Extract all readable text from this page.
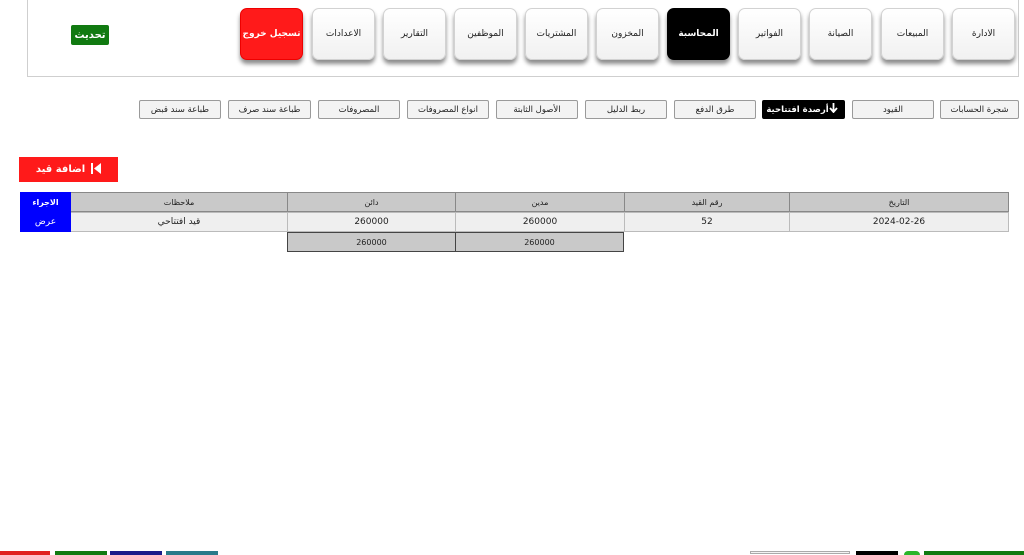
تحديث	الادارة
المبيعات
الصيانة
الفواتير
المحاسبة
المخزون
المشتريات
الموظفين
التقارير
الاعدادات
تسجيل خروج
شجرة الحسابات
القيود
أرصدة افتتاحية
طرق الدفع
ربط الدليل
الأصول الثابتة
انواع المصروفات
المصروفات
طباعة سند صرف
طباعة سند قبض
اضافة قيد
التاريخ
رقم القيد
مدين
دائن
ملاحظات
الاجراء
2024-02-26
52
260000
260000
قيد افتتاحي
عرض
260000
260000
